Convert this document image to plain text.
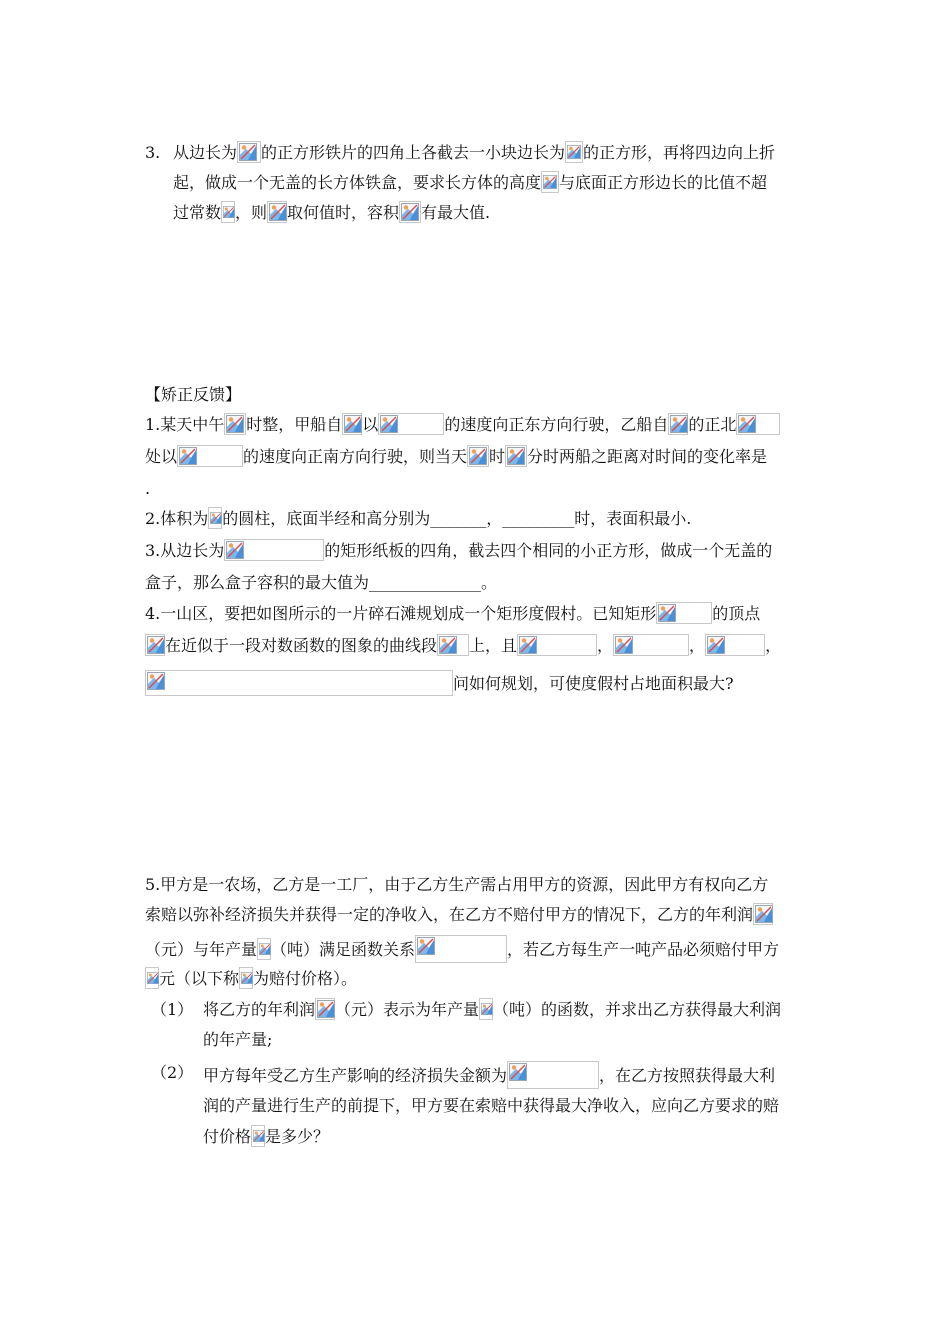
3. 从边长为 的正方形铁片的四角上各截去一小块边长为 的正方形，再将四边向上折
起，做成一个无盖的长方体铁盒，要求长方体的高度 与底面正方形边长的比值不超
过常数 ，则 取何值时，容积 有最大值.
【矫正反馈】
1.某天中午 时整，甲船自 以	的速度向正东方向行驶，乙船自 的正北
处以	的速度向正南方向行驶，则当天 时 分时两船之距离对时间的变化率是
.
2.体积为 的圆柱，底面半经和高分别为_______，_________时，表面积最小.
3.从边长为	的矩形纸板的四角，截去四个相同的小正方形，做成一个无盖的
盒子，那么盒子容积的最大值为______________。
4.一山区，要把如图所示的一片碎石滩规划成一个矩形度假村。已知矩形	的顶点
在近似于一段对数函数的图象的曲线段 上，且	，	，	，
问如何规划，可使度假村占地面积最大?
5.甲方是一农场，乙方是一工厂，由于乙方生产需占用甲方的资源，因此甲方有权向乙方
索赔以弥补经济损失并获得一定的净收入，在乙方不赔付甲方的情况下，乙方的年利润
（元）与年产量 （吨）满足函数关系	，若乙方每生产一吨产品必须赔付甲方
元（以下称 为赔付价格）。
（1） 将乙方的年利润 （元）表示为年产量 （吨）的函数，并求出乙方获得最大利润
的年产量;
（2） 甲方每年受乙方生产影响的经济损失金额为	，在乙方按照获得最大利
润的产量进行生产的前提下，甲方要在索赔中获得最大净收入，应向乙方要求的赔
付价格 是多少？
